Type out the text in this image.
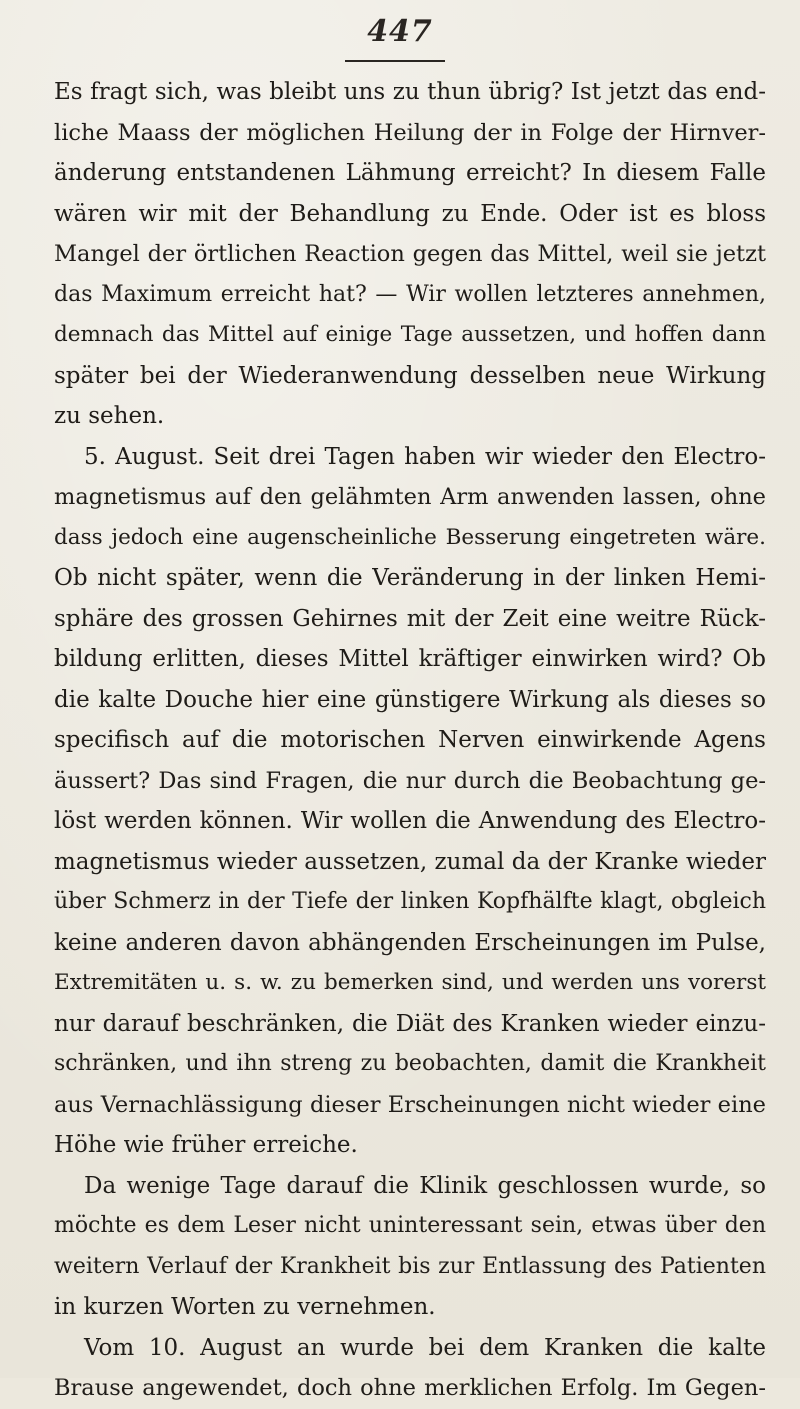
447
Es fragt sich, was bleibt uns zu thun übrig? Ist jetzt das end-
liche Maass der möglichen Heilung der in Folge der Hirnver-
änderung entstandenen Lähmung erreicht? In diesem Falle
wären wir mit der Behandlung zu Ende. Oder ist es bloss
Mangel der örtlichen Reaction gegen das Mittel, weil sie jetzt
das Maximum erreicht hat? — Wir wollen letzteres annehmen,
demnach das Mittel auf einige Tage aussetzen, und hoffen dann
später bei der Wiederanwendung desselben neue Wirkung
zu sehen.
5. August. Seit drei Tagen haben wir wieder den Electro-
magnetismus auf den gelähmten Arm anwenden lassen, ohne
dass jedoch eine augenscheinliche Besserung eingetreten wäre.
Ob nicht später, wenn die Veränderung in der linken Hemi-
sphäre des grossen Gehirnes mit der Zeit eine weitre Rück-
bildung erlitten, dieses Mittel kräftiger einwirken wird? Ob
die kalte Douche hier eine günstigere Wirkung als dieses so
specifisch auf die motorischen Nerven einwirkende Agens
äussert? Das sind Fragen, die nur durch die Beobachtung ge-
löst werden können. Wir wollen die Anwendung des Electro-
magnetismus wieder aussetzen, zumal da der Kranke wieder
über Schmerz in der Tiefe der linken Kopfhälfte klagt, obgleich
keine anderen davon abhängenden Erscheinungen im Pulse,
Extremitäten u. s. w. zu bemerken sind, und werden uns vorerst
nur darauf beschränken, die Diät des Kranken wieder einzu-
schränken, und ihn streng zu beobachten, damit die Krankheit
aus Vernachlässigung dieser Erscheinungen nicht wieder eine
Höhe wie früher erreiche.
Da wenige Tage darauf die Klinik geschlossen wurde, so
möchte es dem Leser nicht uninteressant sein, etwas über den
weitern Verlauf der Krankheit bis zur Entlassung des Patienten
in kurzen Worten zu vernehmen.
Vom 10. August an wurde bei dem Kranken die kalte
Brause angewendet, doch ohne merklichen Erfolg. Im Gegen-
